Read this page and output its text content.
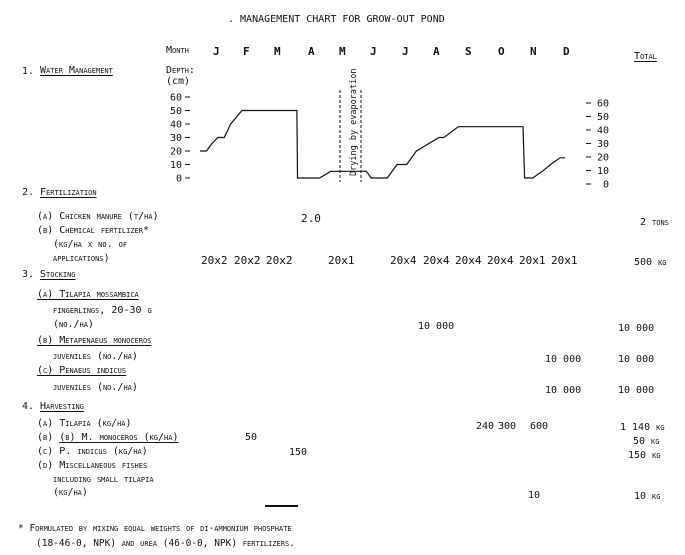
. MANAGEMENT CHART FOR GROW-OUT POND
Month
Total
J F M A M J J A S O N D
1. Water Management	Depth:
(cm)
60
50
40
30
20
10
0
60
50
40
30
20
10
0
Drying by evaporation
2. Fertilization
(a) Chicken manure (t/ha)	2.0	2 tons
(b) Chemical fertilizer*
(kg/ha x no. of
applications)	20x2 20x2 20x2	20x1	20x4 20x4 20x4 20x4 20x1 20x1	500 kg
3. Stocking
(a) Tilapia mossambica
fingerlings, 20-30 g
(no./ha)	10 000	10 000
(b) Metapenaeus monoceros
juveniles (no./ha)	10 000	10 000
(c) Penaeus indicus
juveniles (no./ha)	10 000	10 000
4. Harvesting
(a) Tilapia (kg/ha)	240 300 600	1 140 kg
(b) (b) M. monoceros (kg/ha)	50	50 kg
(c) P. indicus (kg/ha)	150	150 kg
(d) Miscellaneous fishes
including small tilapia
(kg/ha)	10	10 kg
* Formulated by mixing equal weights of di-ammonium phosphate
(18-46-0, NPK) and urea (46-0-0, NPK) fertilizers.
